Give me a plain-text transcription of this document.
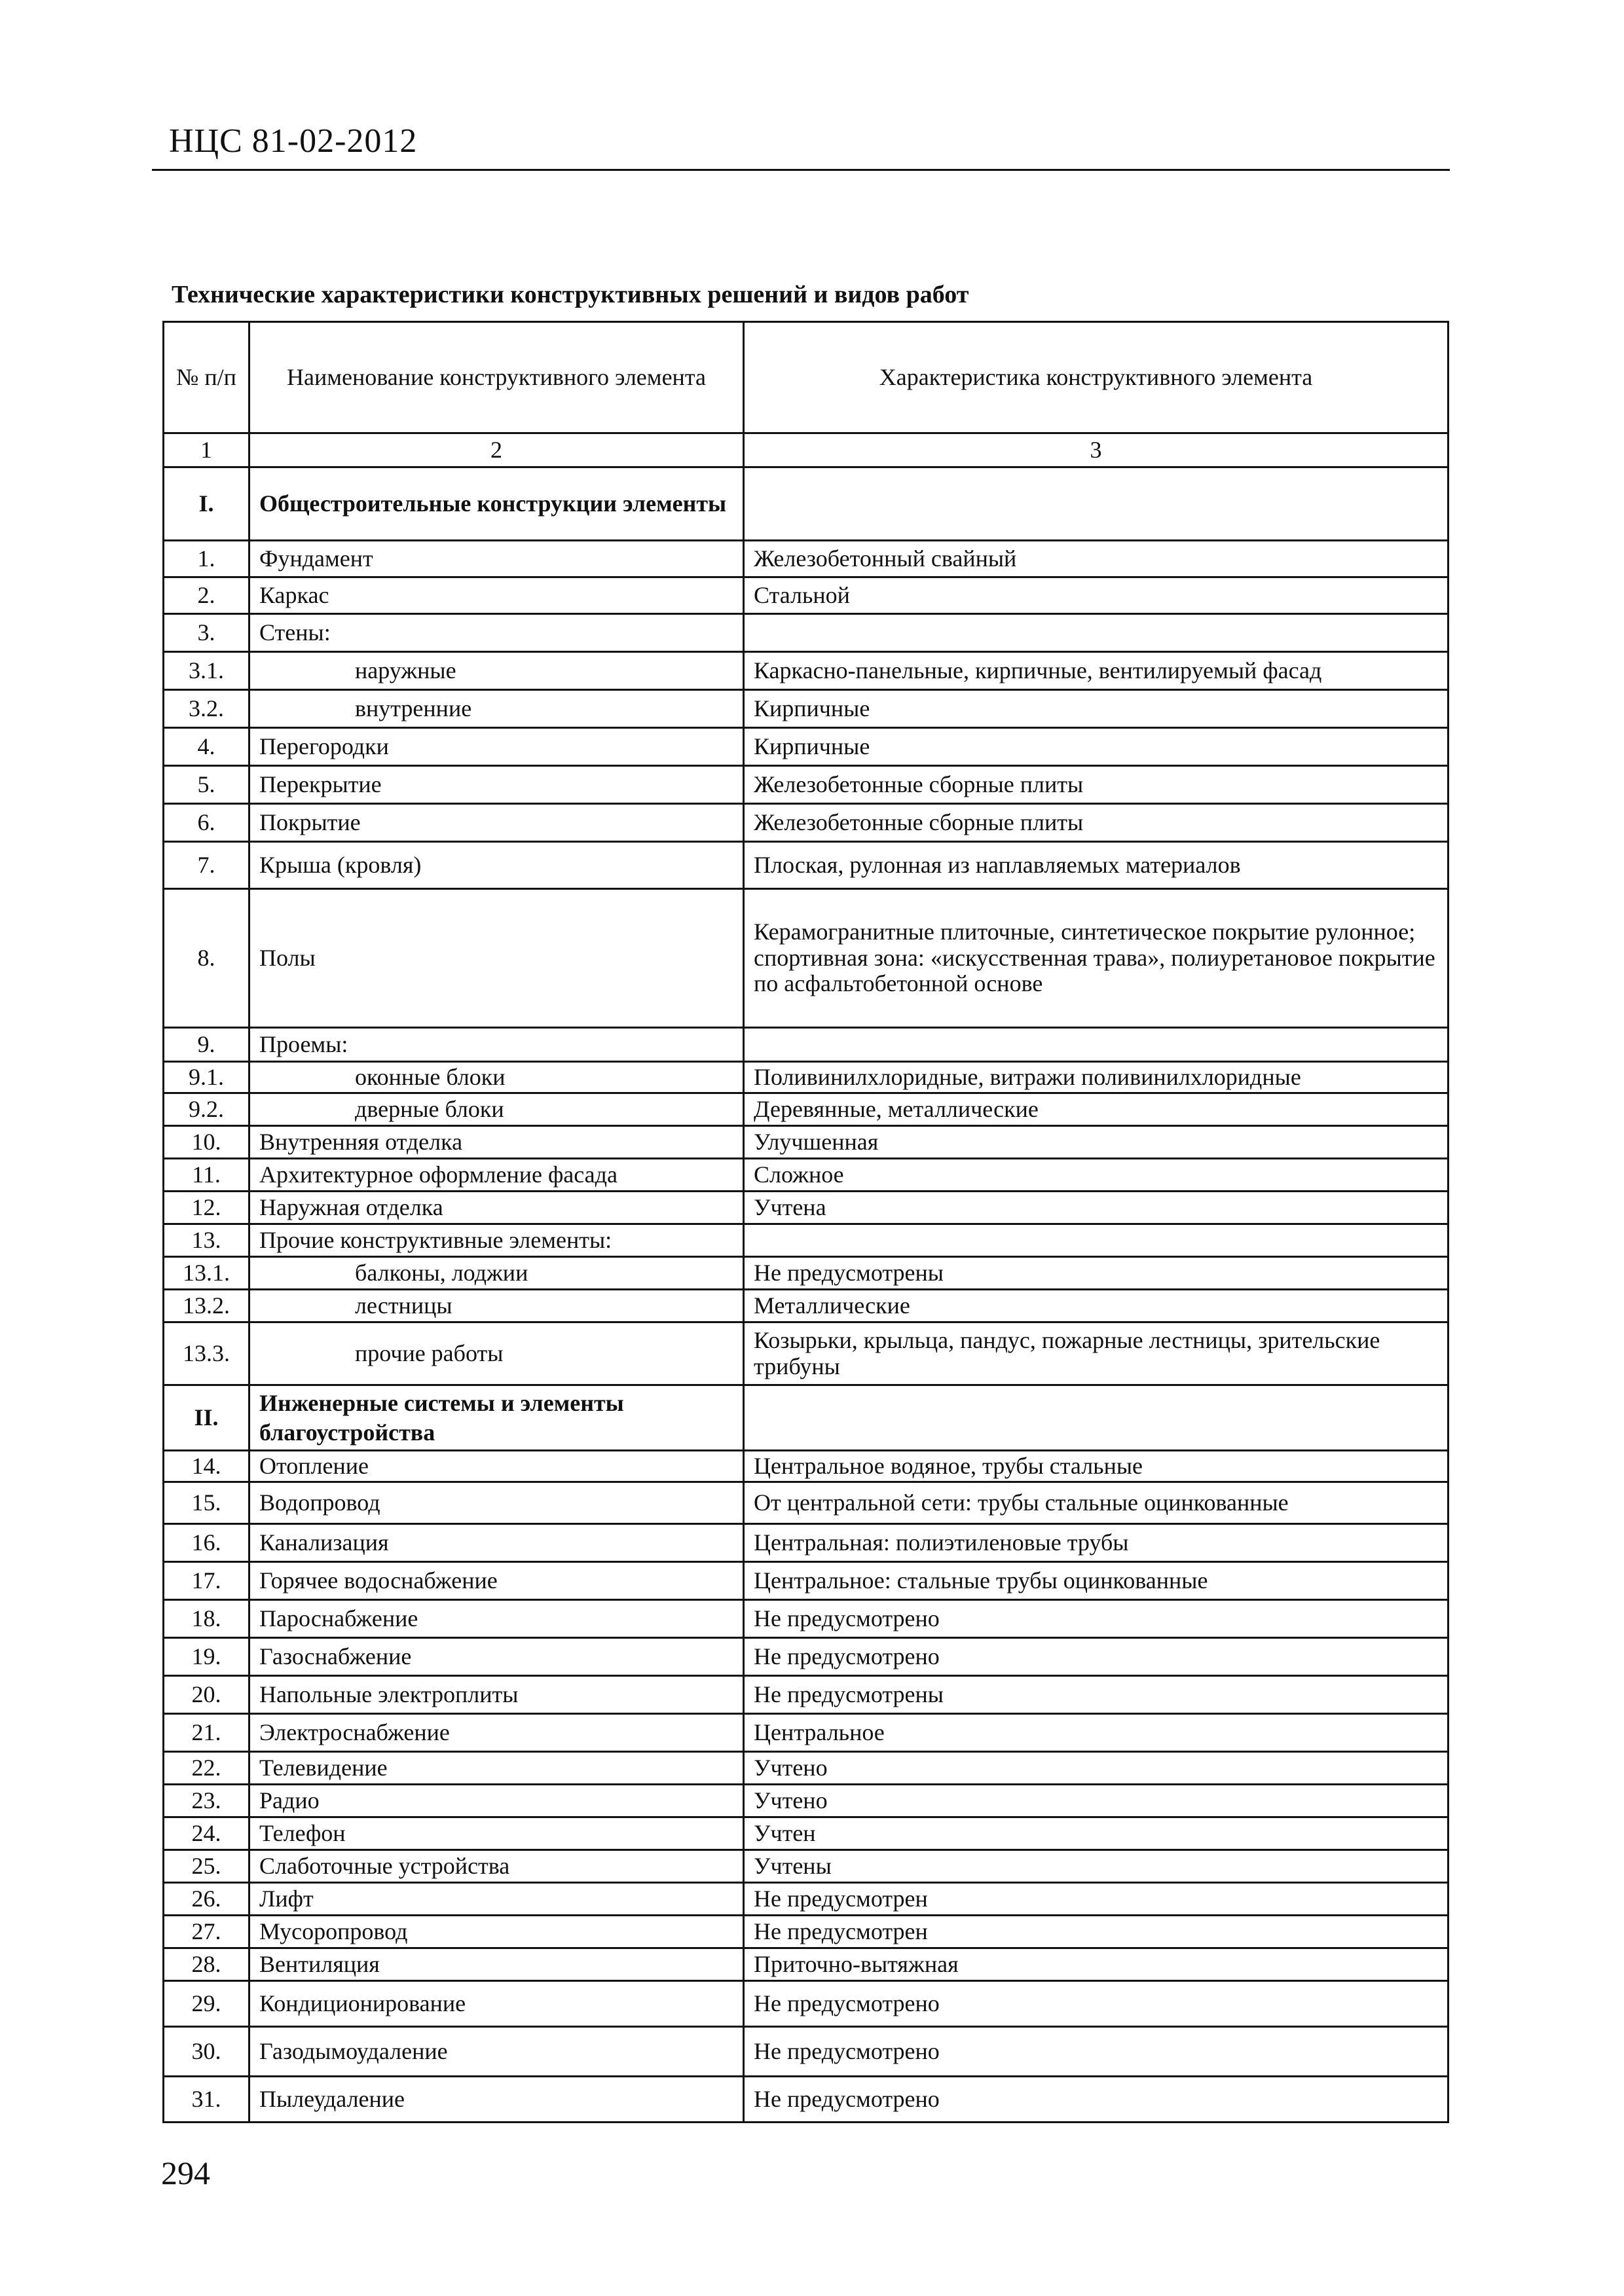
НЦС 81-02-2012
Технические характеристики конструктивных решений и видов работ
№ п/п	Наименование конструктивного элемента	Характеристика конструктивного элемента
1	2	3
I.	Общестроительные конструкции элементы	
1.	Фундамент	Железобетонный свайный
2.	Каркас	Стальной
3.	Стены:	
3.1.	наружные	Каркасно-панельные, кирпичные, вентилируемый фасад
3.2.	внутренние	Кирпичные
4.	Перегородки	Кирпичные
5.	Перекрытие	Железобетонные сборные плиты
6.	Покрытие	Железобетонные сборные плиты
7.	Крыша (кровля)	Плоская, рулонная из наплавляемых материалов
8.	Полы	Керамогранитные плиточные, синтетическое покрытие рулонное; спортивная зона: «искусственная трава», полиуретановое покрытие по асфальтобетонной основе
9.	Проемы:	
9.1.	оконные блоки	Поливинилхлоридные, витражи поливинилхлоридные
9.2.	дверные блоки	Деревянные, металлические
10.	Внутренняя отделка	Улучшенная
11.	Архитектурное оформление фасада	Сложное
12.	Наружная отделка	Учтена
13.	Прочие конструктивные элементы:	
13.1.	балконы, лоджии	Не предусмотрены
13.2.	лестницы	Металлические
13.3.	прочие работы	Козырьки, крыльца, пандус, пожарные лестницы, зрительские трибуны
II.	Инженерные системы и элементы благоустройства	
14.	Отопление	Центральное водяное, трубы стальные
15.	Водопровод	От центральной сети: трубы стальные оцинкованные
16.	Канализация	Центральная: полиэтиленовые трубы
17.	Горячее водоснабжение	Центральное: стальные трубы оцинкованные
18.	Пароснабжение	Не предусмотрено
19.	Газоснабжение	Не предусмотрено
20.	Напольные электроплиты	Не предусмотрены
21.	Электроснабжение	Центральное
22.	Телевидение	Учтено
23.	Радио	Учтено
24.	Телефон	Учтен
25.	Слаботочные устройства	Учтены
26.	Лифт	Не предусмотрен
27.	Мусоропровод	Не предусмотрен
28.	Вентиляция	Приточно-вытяжная
29.	Кондиционирование	Не предусмотрено
30.	Газодымоудаление	Не предусмотрено
31.	Пылеудаление	Не предусмотрено
294
